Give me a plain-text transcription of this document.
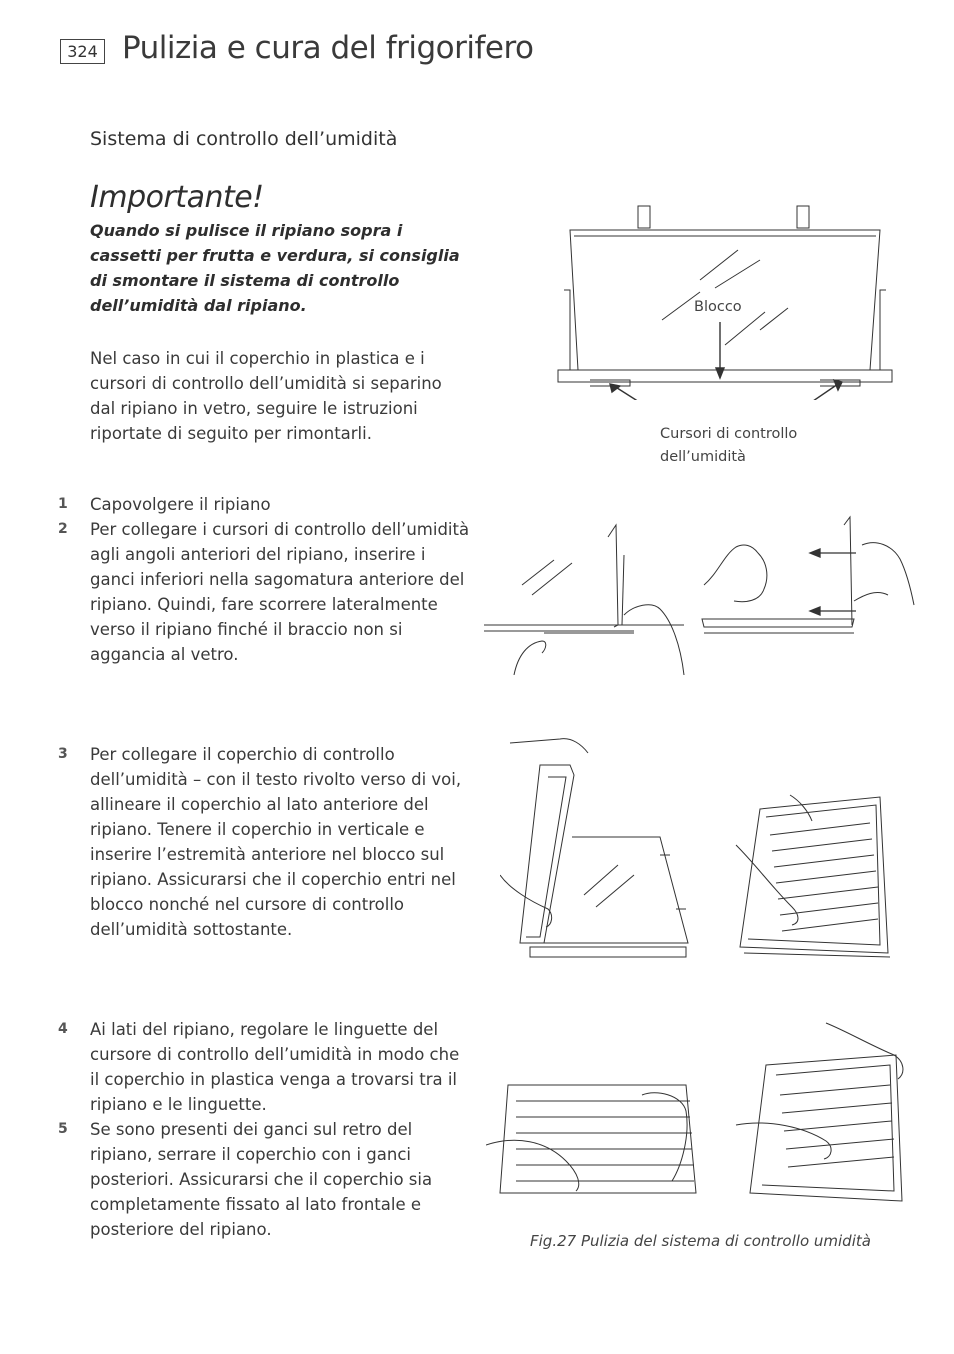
324 Pulizia e cura del frigorifero
Sistema di controllo dell’umidità
Importante!
Quando si pulisce il ripiano sopra i cassetti per frutta e verdura, si consiglia di smontare il sistema di controllo dell’umidità dal ripiano.
Nel caso in cui il coperchio in plastica e i cursori di controllo dell’umidità si separino dal ripiano in vetro, seguire le istruzioni riportate di seguito per rimontarli.
1 Capovolgere il ripiano
2 Per collegare i cursori di controllo dell’umidità agli angoli anteriori del ripiano, inserire i ganci inferiori nella sagomatura anteriore del ripiano. Quindi, fare scorrere lateralmente verso il ripiano finché il braccio non si aggancia al vetro.
3 Per collegare il coperchio di controllo dell’umidità – con il testo rivolto verso di voi, allineare il coperchio al lato anteriore del ripiano. Tenere il coperchio in verticale e inserire l’estremità anteriore nel blocco sul ripiano. Assicurarsi che il coperchio entri nel blocco nonché nel cursore di controllo dell’umidità sottostante.
4 Ai lati del ripiano, regolare le linguette del cursore di controllo dell’umidità in modo che il coperchio in plastica venga a trovarsi tra il ripiano e le linguette.
5 Se sono presenti dei ganci sul retro del ripiano, serrare il coperchio con i ganci posteriori. Assicurarsi che il coperchio sia completamente fissato al lato frontale e posteriore del ripiano.
Blocco
Cursori di controllo
dell’umidità
Fig.27 Pulizia del sistema di controllo umidità
